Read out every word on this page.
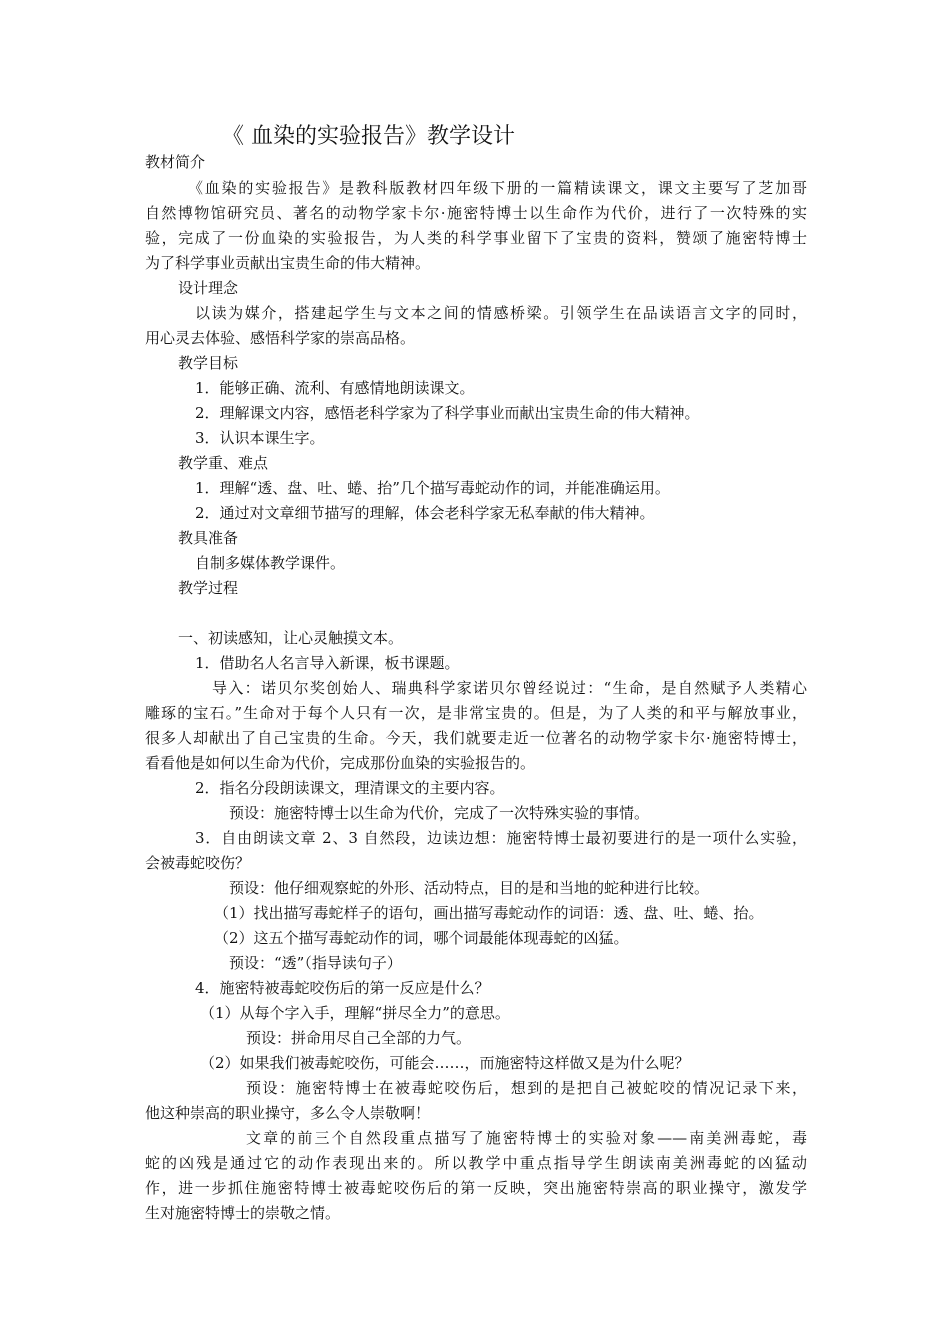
《 血染的实验报告》教学设计
教材简介
《血染的实验报告》是教科版教材四年级下册的一篇精读课文，课文主要写了芝加哥
自然博物馆研究员、著名的动物学家卡尔·施密特博士以生命作为代价，进行了一次特殊的实
验，完成了一份血染的实验报告，为人类的科学事业留下了宝贵的资料，赞颂了施密特博士
为了科学事业贡献出宝贵生命的伟大精神。
设计理念
以读为媒介，搭建起学生与文本之间的情感桥梁。引领学生在品读语言文字的同时，
用心灵去体验、感悟科学家的崇高品格。
教学目标
1．能够正确、流利、有感情地朗读课文。
2．理解课文内容，感悟老科学家为了科学事业而献出宝贵生命的伟大精神。
3．认识本课生字。
教学重、难点
1．理解“透、盘、吐、蜷、抬”几个描写毒蛇动作的词，并能准确运用。
2．通过对文章细节描写的理解，体会老科学家无私奉献的伟大精神。
教具准备
自制多媒体教学课件。
教学过程
一、初读感知，让心灵触摸文本。
1．借助名人名言导入新课，板书课题。
导入：诺贝尔奖创始人、瑞典科学家诺贝尔曾经说过：“生命，是自然赋予人类精心
雕琢的宝石。”生命对于每个人只有一次，是非常宝贵的。但是，为了人类的和平与解放事业，
很多人却献出了自己宝贵的生命。今天，我们就要走近一位著名的动物学家卡尔·施密特博士，
看看他是如何以生命为代价，完成那份血染的实验报告的。
2．指名分段朗读课文，理清课文的主要内容。
预设：施密特博士以生命为代价，完成了一次特殊实验的事情。
3．自由朗读文章 2、3 自然段，边读边想：施密特博士最初要进行的是一项什么实验，
会被毒蛇咬伤？
预设：他仔细观察蛇的外形、活动特点，目的是和当地的蛇种进行比较。
（1）找出描写毒蛇样子的语句，画出描写毒蛇动作的词语：透、盘、吐、蜷、抬。
（2）这五个描写毒蛇动作的词，哪个词最能体现毒蛇的凶猛。
预设：“透”（指导读句子）
4．施密特被毒蛇咬伤后的第一反应是什么？
（1）从每个字入手，理解“拼尽全力”的意思。
预设：拼命用尽自己全部的力气。
（2）如果我们被毒蛇咬伤，可能会……，而施密特这样做又是为什么呢？
预设：施密特博士在被毒蛇咬伤后，想到的是把自己被蛇咬的情况记录下来，
他这种崇高的职业操守，多么令人崇敬啊！
文章的前三个自然段重点描写了施密特博士的实验对象——南美洲毒蛇，毒
蛇的凶残是通过它的动作表现出来的。所以教学中重点指导学生朗读南美洲毒蛇的凶猛动
作，进一步抓住施密特博士被毒蛇咬伤后的第一反映，突出施密特崇高的职业操守，激发学
生对施密特博士的崇敬之情。
